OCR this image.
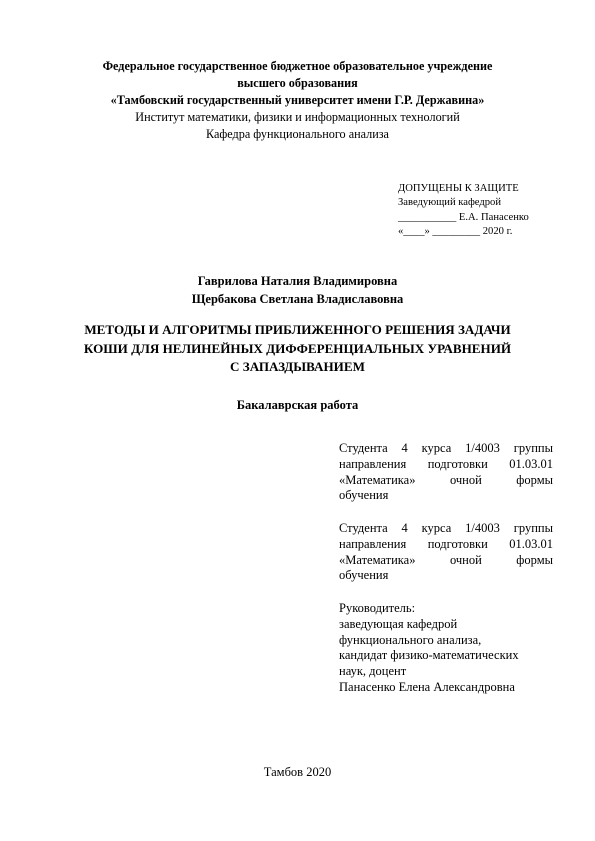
Федеральное государственное бюджетное образовательное учреждение
высшего образования
«Тамбовский государственный университет имени Г.Р. Державина»
Институт математики, физики и информационных технологий
Кафедра функционального анализа
ДОПУЩЕНЫ К ЗАЩИТЕ
Заведующий кафедрой
___________ Е.А. Панасенко
«____» _________ 2020 г.
Гаврилова Наталия Владимировна
Щербакова Светлана Владиславовна
МЕТОДЫ И АЛГОРИТМЫ ПРИБЛИЖЕННОГО РЕШЕНИЯ ЗАДАЧИ
КОШИ ДЛЯ НЕЛИНЕЙНЫХ ДИФФЕРЕНЦИАЛЬНЫХ УРАВНЕНИЙ
С ЗАПАЗДЫВАНИЕМ
Бакалаврская работа
Студента 4 курса 1/4003 группы
направления подготовки 01.03.01
«Математика» очной формы
обучения
Студента 4 курса 1/4003 группы
направления подготовки 01.03.01
«Математика» очной формы
обучения
Руководитель:
заведующая кафедрой
функционального анализа,
кандидат физико-математических
наук, доцент
Панасенко Елена Александровна
Тамбов 2020
